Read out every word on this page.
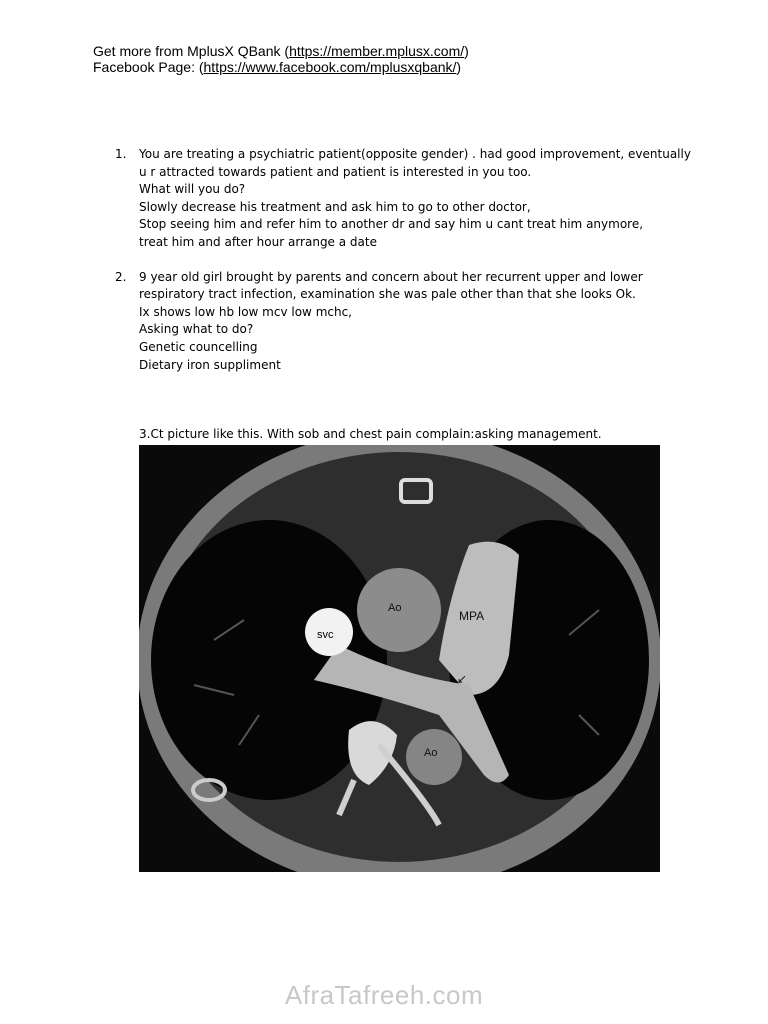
Get more from MplusX QBank (https://member.mplusx.com/)
Facebook Page: (https://www.facebook.com/mplusxqbank/)
1.	You are treating a psychiatric patient(opposite gender) . had good improvement, eventually
u r attracted towards patient and patient is interested in you too.
What will you do?
Slowly decrease his treatment and ask him to go to other doctor,
Stop seeing him and refer him to another dr and say him u cant treat him anymore,
treat him and after hour arrange a date
2.	9 year old girl brought by parents and concern about her recurrent upper and lower
respiratory tract infection, examination she was pale other than that she looks Ok.
Ix shows low hb low mcv low mchc,
Asking what to do?
Genetic councelling
Dietary iron suppliment
3.Ct picture like this. With sob and chest pain complain:asking management.
Ao
MPA
svc
Ao
↙
AfraTafreeh.com
